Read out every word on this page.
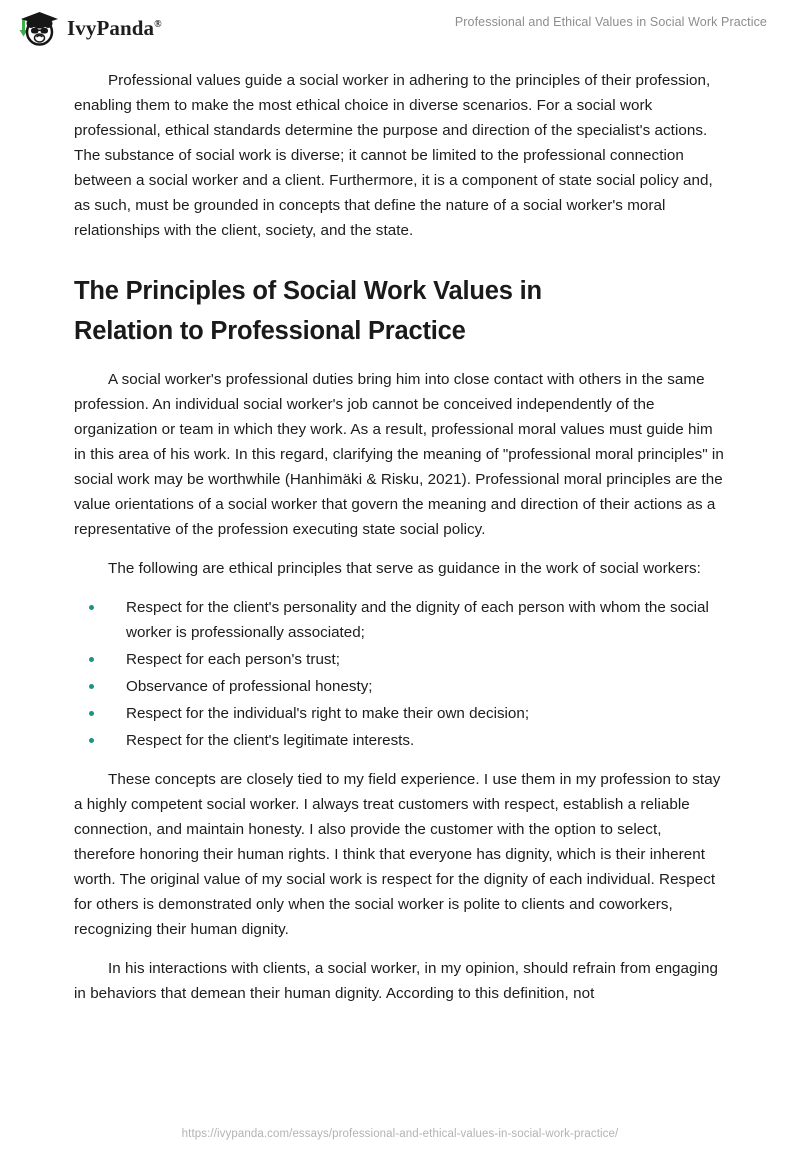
IvyPanda®	Professional and Ethical Values in Social Work Practice

Professional values guide a social worker in adhering to the principles of their profession, enabling them to make the most ethical choice in diverse scenarios. For a social work professional, ethical standards determine the purpose and direction of the specialist's actions. The substance of social work is diverse; it cannot be limited to the professional connection between a social worker and a client. Furthermore, it is a component of state social policy and, as such, must be grounded in concepts that define the nature of a social worker's moral relationships with the client, society, and the state.

The Principles of Social Work Values in Relation to Professional Practice

A social worker's professional duties bring him into close contact with others in the same profession. An individual social worker's job cannot be conceived independently of the organization or team in which they work. As a result, professional moral values must guide him in this area of his work. In this regard, clarifying the meaning of "professional moral principles" in social work may be worthwhile (Hanhimäki & Risku, 2021). Professional moral principles are the value orientations of a social worker that govern the meaning and direction of their actions as a representative of the profession executing state social policy.

The following are ethical principles that serve as guidance in the work of social workers:

Respect for the client's personality and the dignity of each person with whom the social worker is professionally associated;
Respect for each person's trust;
Observance of professional honesty;
Respect for the individual's right to make their own decision;
Respect for the client's legitimate interests.

These concepts are closely tied to my field experience. I use them in my profession to stay a highly competent social worker. I always treat customers with respect, establish a reliable connection, and maintain honesty. I also provide the customer with the option to select, therefore honoring their human rights. I think that everyone has dignity, which is their inherent worth. The original value of my social work is respect for the dignity of each individual. Respect for others is demonstrated only when the social worker is polite to clients and coworkers, recognizing their human dignity.

In his interactions with clients, a social worker, in my opinion, should refrain from engaging in behaviors that demean their human dignity. According to this definition, not

https://ivypanda.com/essays/professional-and-ethical-values-in-social-work-practice/
